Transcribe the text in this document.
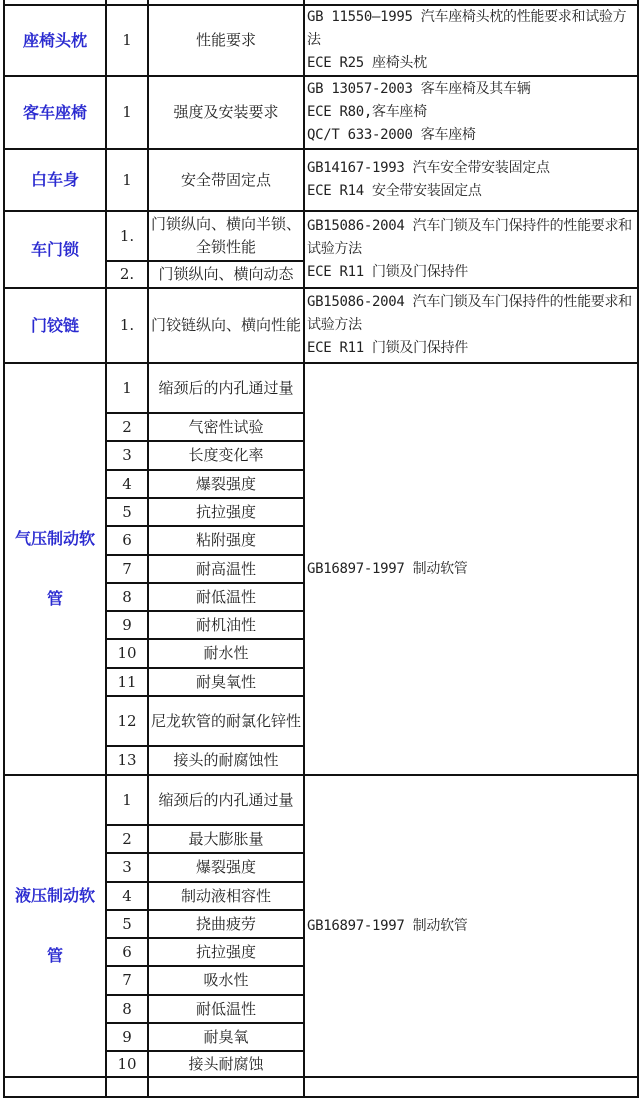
座椅头枕	1	性能要求	GB 11550—1995 汽车座椅头枕的性能要求和试验方法
ECE R25 座椅头枕

客车座椅	1	强度及安装要求	GB 13057-2003 客车座椅及其车辆
ECE R80,客车座椅
QC/T 633-2000 客车座椅

白车身	1	安全带固定点	GB14167-1993 汽车安全带安装固定点
ECE R14 安全带安装固定点

车门锁	1.	门锁纵向、横向半锁、全锁性能	GB15086-2004 汽车门锁及车门保持件的性能要求和试验方法
ECE R11 门锁及门保持件

	2.	门锁纵向、横向动态	
门铰链	1.	门铰链纵向、横向性能	GB15086-2004 汽车门锁及车门保持件的性能要求和试验方法
ECE R11 门锁及门保持件

气压制动软管	1	缩颈后的内孔通过量	GB16897-1997 制动软管

	2	气密性试验	
	3	长度变化率	
	4	爆裂强度	
	5	抗拉强度	
	6	粘附强度	
	7	耐高温性	
	8	耐低温性	
	9	耐机油性	
	10	耐水性	
	11	耐臭氧性	
	12	尼龙软管的耐氯化锌性	
	13	接头的耐腐蚀性	
液压制动软管	1	缩颈后的内孔通过量	GB16897-1997 制动软管

	2	最大膨胀量	
	3	爆裂强度	
	4	制动液相容性	
	5	挠曲疲劳	
	6	抗拉强度	
	7	吸水性	
	8	耐低温性	
	9	耐臭氧	
	10	接头耐腐蚀	
